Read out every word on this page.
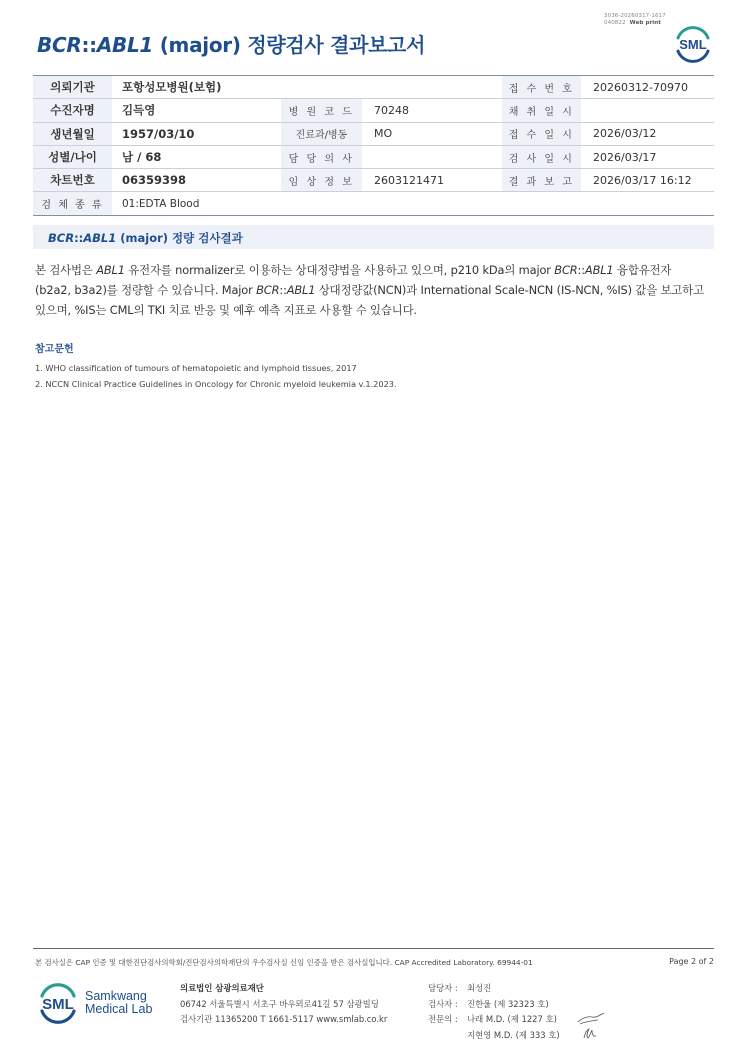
3036-20260317-1617
040822 Web print
BCR::ABL1 (major) 정량검사 결과보고서	SML
의뢰기관	포항성모병원(보험)			접 수 번 호	20260312-70970
수진자명	김득영	병 원 코 드	70248	채 취 일 시	
생년월일	1957/03/10	진료과/병동	MO	접 수 일 시	2026/03/12
성별/나이	남 / 68	담 당 의 사		검 사 일 시	2026/03/17
차트번호	06359398	임 상 정 보	2603121471	결 과 보 고	2026/03/17 16:12
검 체 종 류	01:EDTA Blood				
BCR::ABL1 (major) 정량 검사결과

본 검사법은 ABL1 유전자를 normalizer로 이용하는 상대정량법을 사용하고 있으며, p210 kDa의 major BCR::ABL1 융합유전자

(b2a2, b3a2)를 정량할 수 있습니다. Major BCR::ABL1 상대정량값(NCN)과 International Scale-NCN (IS-NCN, %IS) 값을 보고하고

있으며, %IS는 CML의 TKI 치료 반응 및 예후 예측 지표로 사용할 수 있습니다.

참고문헌
1. WHO classification of tumours of hematopoietic and lymphoid tissues, 2017
2. NCCN Clinical Practice Guidelines in Oncology for Chronic myeloid leukemia v.1.2023.
본 검사실은 CAP 인증 및 대한진단검사의학회/진단검사의학재단의 우수검사실 신임 인증을 받은 검사실입니다. CAP Accredited Laboratory. 69944-01	Page 2 of 2
SML Samkwang
Medical Lab
의료법인 삼광의료재단
06742 서울특별시 서초구 바우뫼로41길 57 삼광빌딩
검사기관 11365200 T 1661-5117 www.smlab.co.kr
담당자 :	최성진
검사자 :	진한울 (제 32323 호)
전문의 :	나래 M.D. (제 1227 호)
지현영 M.D. (제 333 호)
